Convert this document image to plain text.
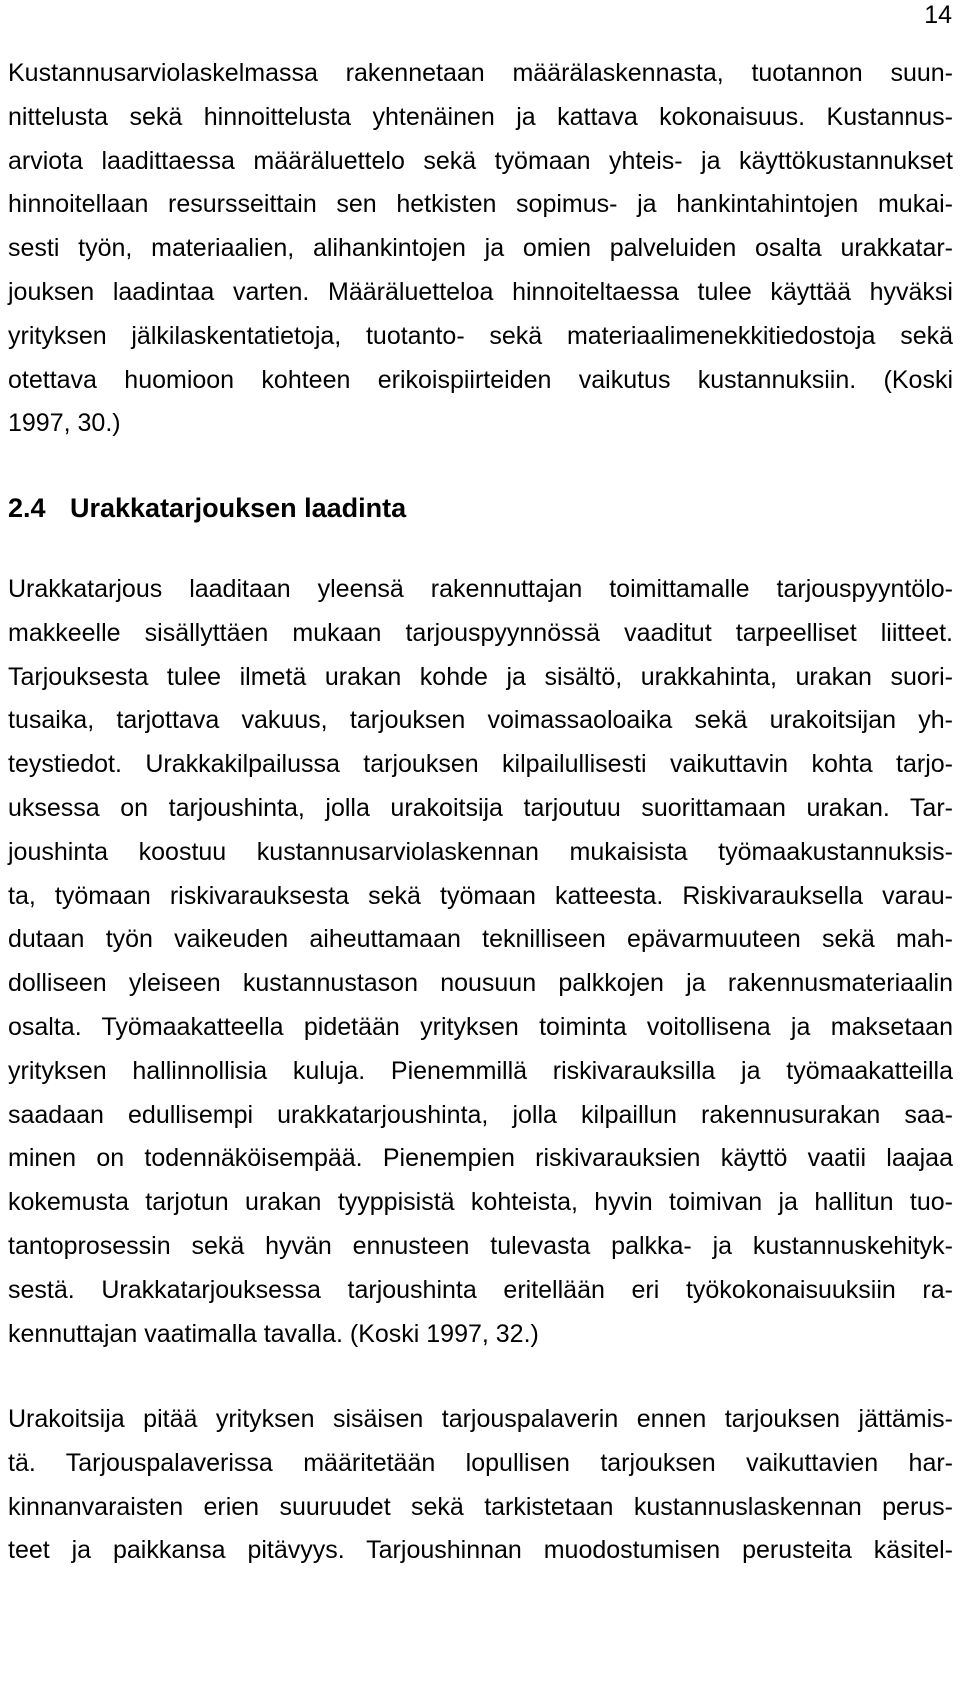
14
Kustannusarviolaskelmassa rakennetaan määrälaskennasta, tuotannon suun-
nittelusta sekä hinnoittelusta yhtenäinen ja kattava kokonaisuus. Kustannus-
arviota laadittaessa määräluettelo sekä työmaan yhteis- ja käyttökustannukset
hinnoitellaan resursseittain sen hetkisten sopimus- ja hankintahintojen mukai-
sesti työn, materiaalien, alihankintojen ja omien palveluiden osalta urakkatar-
jouksen laadintaa varten. Määräluetteloa hinnoiteltaessa tulee käyttää hyväksi
yrityksen jälkilaskentatietoja, tuotanto- sekä materiaalimenekkitiedostoja sekä
otettava huomioon kohteen erikoispiirteiden vaikutus kustannuksiin. (Koski
1997, 30.)
2.4 Urakkatarjouksen laadinta
Urakkatarjous laaditaan yleensä rakennuttajan toimittamalle tarjouspyyntölo-
makkeelle sisällyttäen mukaan tarjouspyynnössä vaaditut tarpeelliset liitteet.
Tarjouksesta tulee ilmetä urakan kohde ja sisältö, urakkahinta, urakan suori-
tusaika, tarjottava vakuus, tarjouksen voimassaoloaika sekä urakoitsijan yh-
teystiedot. Urakkakilpailussa tarjouksen kilpailullisesti vaikuttavin kohta tarjo-
uksessa on tarjoushinta, jolla urakoitsija tarjoutuu suorittamaan urakan. Tar-
joushinta koostuu kustannusarviolaskennan mukaisista työmaakustannuksis-
ta, työmaan riskivarauksesta sekä työmaan katteesta. Riskivarauksella varau-
dutaan työn vaikeuden aiheuttamaan teknilliseen epävarmuuteen sekä mah-
dolliseen yleiseen kustannustason nousuun palkkojen ja rakennusmateriaalin
osalta. Työmaakatteella pidetään yrityksen toiminta voitollisena ja maksetaan
yrityksen hallinnollisia kuluja. Pienemmillä riskivarauksilla ja työmaakatteilla
saadaan edullisempi urakkatarjoushinta, jolla kilpaillun rakennusurakan saa-
minen on todennäköisempää. Pienempien riskivarauksien käyttö vaatii laajaa
kokemusta tarjotun urakan tyyppisistä kohteista, hyvin toimivan ja hallitun tuo-
tantoprosessin sekä hyvän ennusteen tulevasta palkka- ja kustannuskehityk-
sestä. Urakkatarjouksessa tarjoushinta eritellään eri työkokonaisuuksiin ra-
kennuttajan vaatimalla tavalla. (Koski 1997, 32.)
Urakoitsija pitää yrityksen sisäisen tarjouspalaverin ennen tarjouksen jättämis-
tä. Tarjouspalaverissa määritetään lopullisen tarjouksen vaikuttavien har-
kinnanvaraisten erien suuruudet sekä tarkistetaan kustannuslaskennan perus-
teet ja paikkansa pitävyys. Tarjoushinnan muodostumisen perusteita käsitel-
